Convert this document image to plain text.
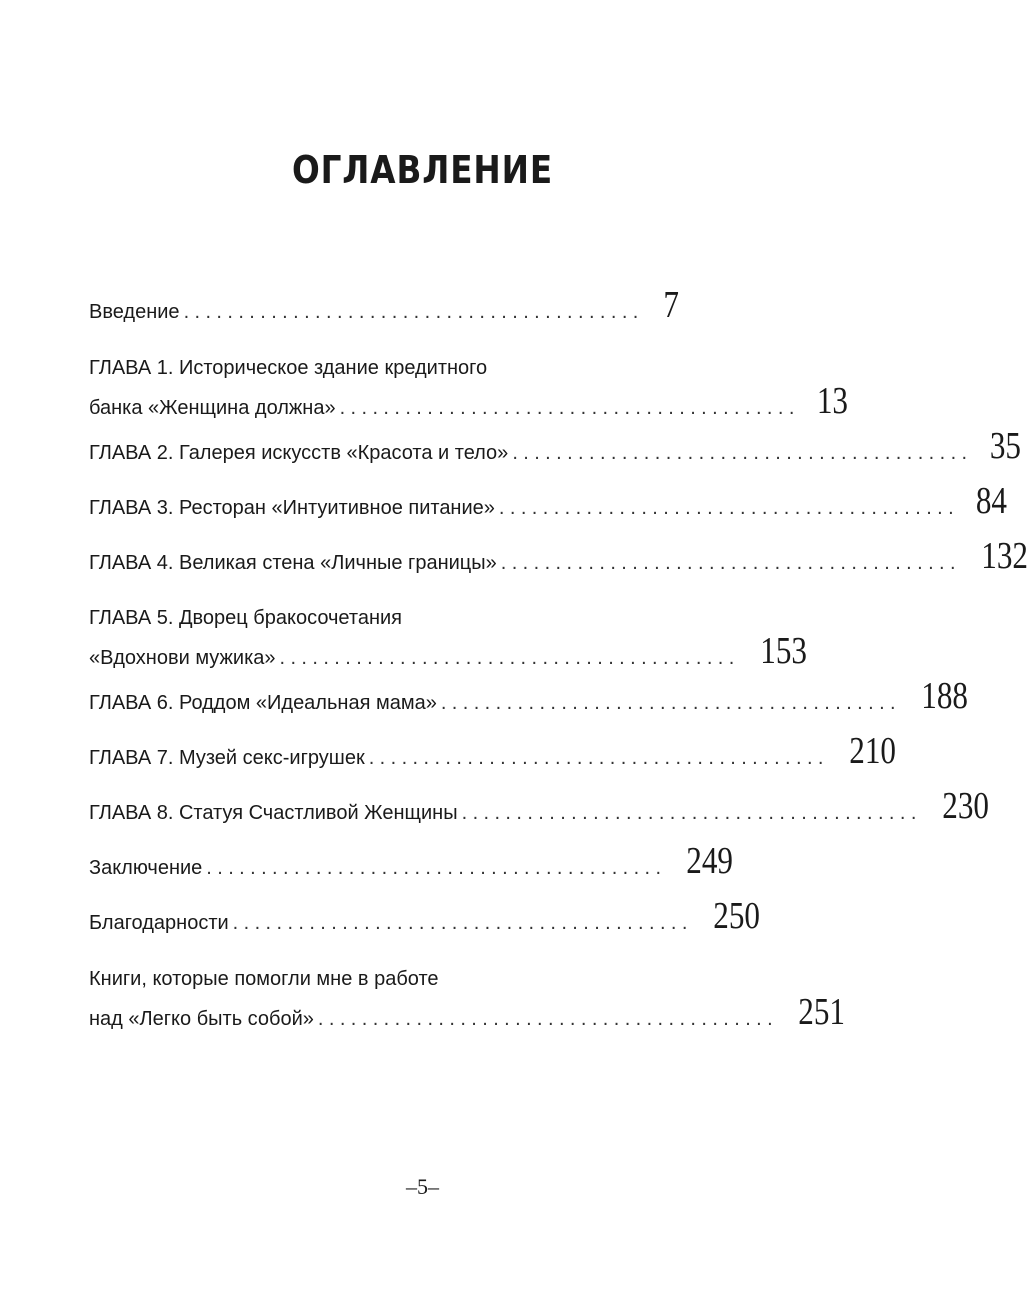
ОГЛАВЛЕНИЕ
Введение .......................................... 7
ГЛАВА 1. Историческое здание кредитного
банка «Женщина должна» .......................................... 13
ГЛАВА 2. Галерея искусств «Красота и тело» .......................................... 35
ГЛАВА 3. Ресторан «Интуитивное питание» .......................................... 84
ГЛАВА 4. Великая стена «Личные границы» .......................................... 132
ГЛАВА 5. Дворец бракосочетания
«Вдохнови мужика» .......................................... 153
ГЛАВА 6. Роддом «Идеальная мама» .......................................... 188
ГЛАВА 7. Музей секс-игрушек .......................................... 210
ГЛАВА 8. Статуя Счастливой Женщины .......................................... 230
Заключение .......................................... 249
Благодарности .......................................... 250
Книги, которые помогли мне в работе
над «Легко быть собой» .......................................... 251
–5–
